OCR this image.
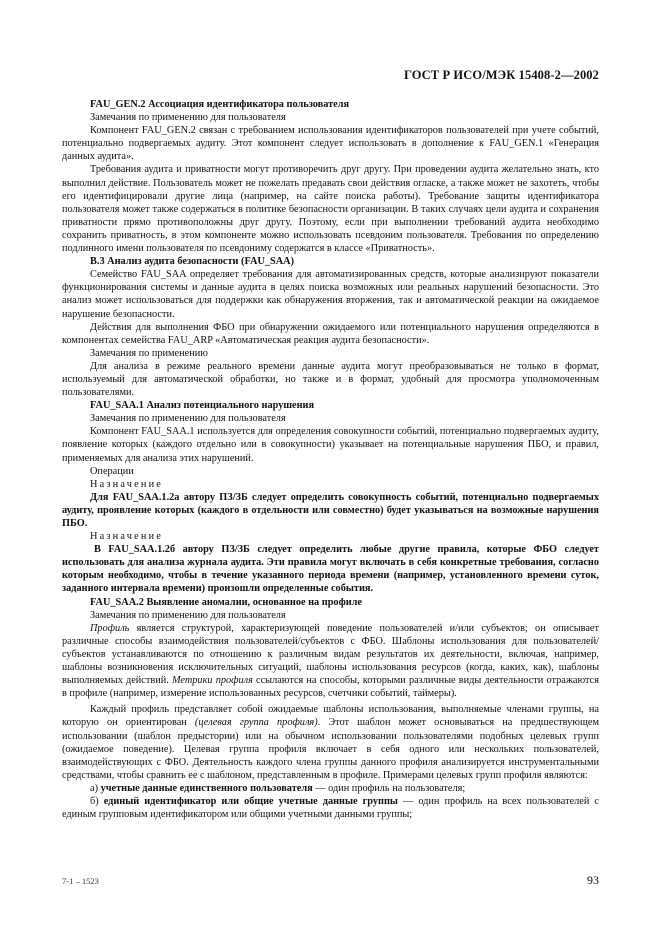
ГОСТ Р ИСО/МЭК 15408-2—2002

FAU_GEN.2 Ассоциация идентификатора пользователя

Замечания по применению для пользователя

Компонент FAU_GEN.2 связан с требованием использования идентификаторов пользователей при учете событий, потенциально подвергаемых аудиту. Этот компонент следует использовать в дополнение к FAU_GEN.1 «Генерация данных аудита».

Требования аудита и приватности могут противоречить друг другу. При проведении аудита желательно знать, кто выполнил действие. Пользователь может не пожелать предавать свои действия огласке, а также может не захотеть, чтобы его идентифицировали другие лица (например, на сайте поиска работы). Требование защиты идентификатора пользователя может также содержаться в политике безопасности организации. В таких случаях цели аудита и сохранения приватности прямо противоположны друг другу. Поэтому, если при выполнении требований аудита необходимо сохранить приватность, в этом компоненте можно использовать псевдоним пользователя. Требования по определению подлинного имени пользователя по псевдониму содержатся в классе «Приватность».

В.3 Анализ аудита безопасности (FAU_SAA)

Семейство FAU_SAA определяет требования для автоматизированных средств, которые анализируют показатели функционирования системы и данные аудита в целях поиска возможных или реальных нарушений безопасности. Это анализ может использоваться для поддержки как обнаружения вторжения, так и автоматической реакции на ожидаемое нарушение безопасности.

Действия для выполнения ФБО при обнаружении ожидаемого или потенциального нарушения определяются в компонентах семейства FAU_ARP «Автоматическая реакция аудита безопасности».

Замечания по применению

Для анализа в режиме реального времени данные аудита могут преобразовываться не только в формат, используемый для автоматической обработки, но также и в формат, удобный для просмотра уполномоченным пользователями.

FAU_SAA.1 Анализ потенциального нарушения

Замечания по применению для пользователя

Компонент FAU_SAA.1 используется для определения совокупности событий, потенциально подвергаемых аудиту, появление которых (каждого отдельно или в совокупности) указывает на потенциальные нарушения ПБО, и правил, применяемых для анализа этих нарушений.

Операции

Назначение

Для FAU_SAA.1.2а автору ПЗ/ЗБ следует определить совокупность событий, потенциально подвергаемых аудиту, проявление которых (каждого в отдельности или совместно) будет указываться на возможные нарушения ПБО.

Назначение

В FAU_SAA.1.2б автору ПЗ/ЗБ следует определить любые другие правила, которые ФБО следует использовать для анализа журнала аудита. Эти правила могут включать в себя конкретные требования, согласно которым необходимо, чтобы в течение указанного периода времени (например, установленного времени суток, заданного интервала времени) произошли определенные события.

FAU_SAA.2 Выявление аномалии, основанное на профиле

Замечания по применению для пользователя

Профиль является структурой, характеризующей поведение пользователей и/или субъектов; он описывает различные способы взаимодействия пользователей/субъектов с ФБО. Шаблоны использования для пользователей/субъектов устанавливаются по отношению к различным видам результатов их деятельности, включая, например, шаблоны возникновения исключительных ситуаций, шаблоны использования ресурсов (когда, каких, как), шаблоны выполняемых действий. Метрики профиля ссылаются на способы, которыми различные виды деятельности отражаются в профиле (например, измерение использованных ресурсов, счетчики событий, таймеры).

Каждый профиль представляет собой ожидаемые шаблоны использования, выполняемые членами группы, на которую он ориентирован (целевая группа профиля). Этот шаблон может основываться на предшествующем использовании (шаблон предыстории) или на обычном использовании пользователями подобных целевых групп (ожидаемое поведение). Целевая группа профиля включает в себя одного или нескольких пользователей, взаимодействующих с ФБО. Деятельность каждого члена группы данного профиля анализируется инструментальными средствами, чтобы сравнить ее с шаблоном, представленным в профиле. Примерами целевых групп профиля являются:

а) учетные данные единственного пользователя — один профиль на пользователя;

б) единый идентификатор или общие учетные данные группы — один профиль на всех пользователей с единым групповым идентификатором или общими учетными данными группы;

7-1 – 1523	93
